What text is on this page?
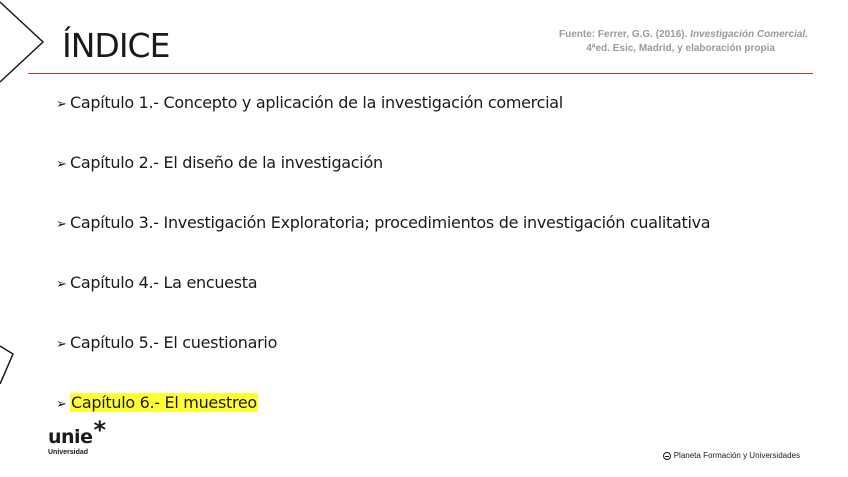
ÍNDICE	Fuente: Ferrer, G.G. (2016). Investigación Comercial.
4ªed. Esic, Madrid, y elaboración propia
➢ Capítulo 1.- Concepto y aplicación de la investigación comercial
➢ Capítulo 2.- El diseño de la investigación
➢ Capítulo 3.- Investigación Exploratoria; procedimientos de investigación cualitativa
➢ Capítulo 4.- La encuesta
➢ Capítulo 5.- El cuestionario
➢ Capítulo 6.- El muestreo
unie*
Universidad	Planeta Formación y Universidades
